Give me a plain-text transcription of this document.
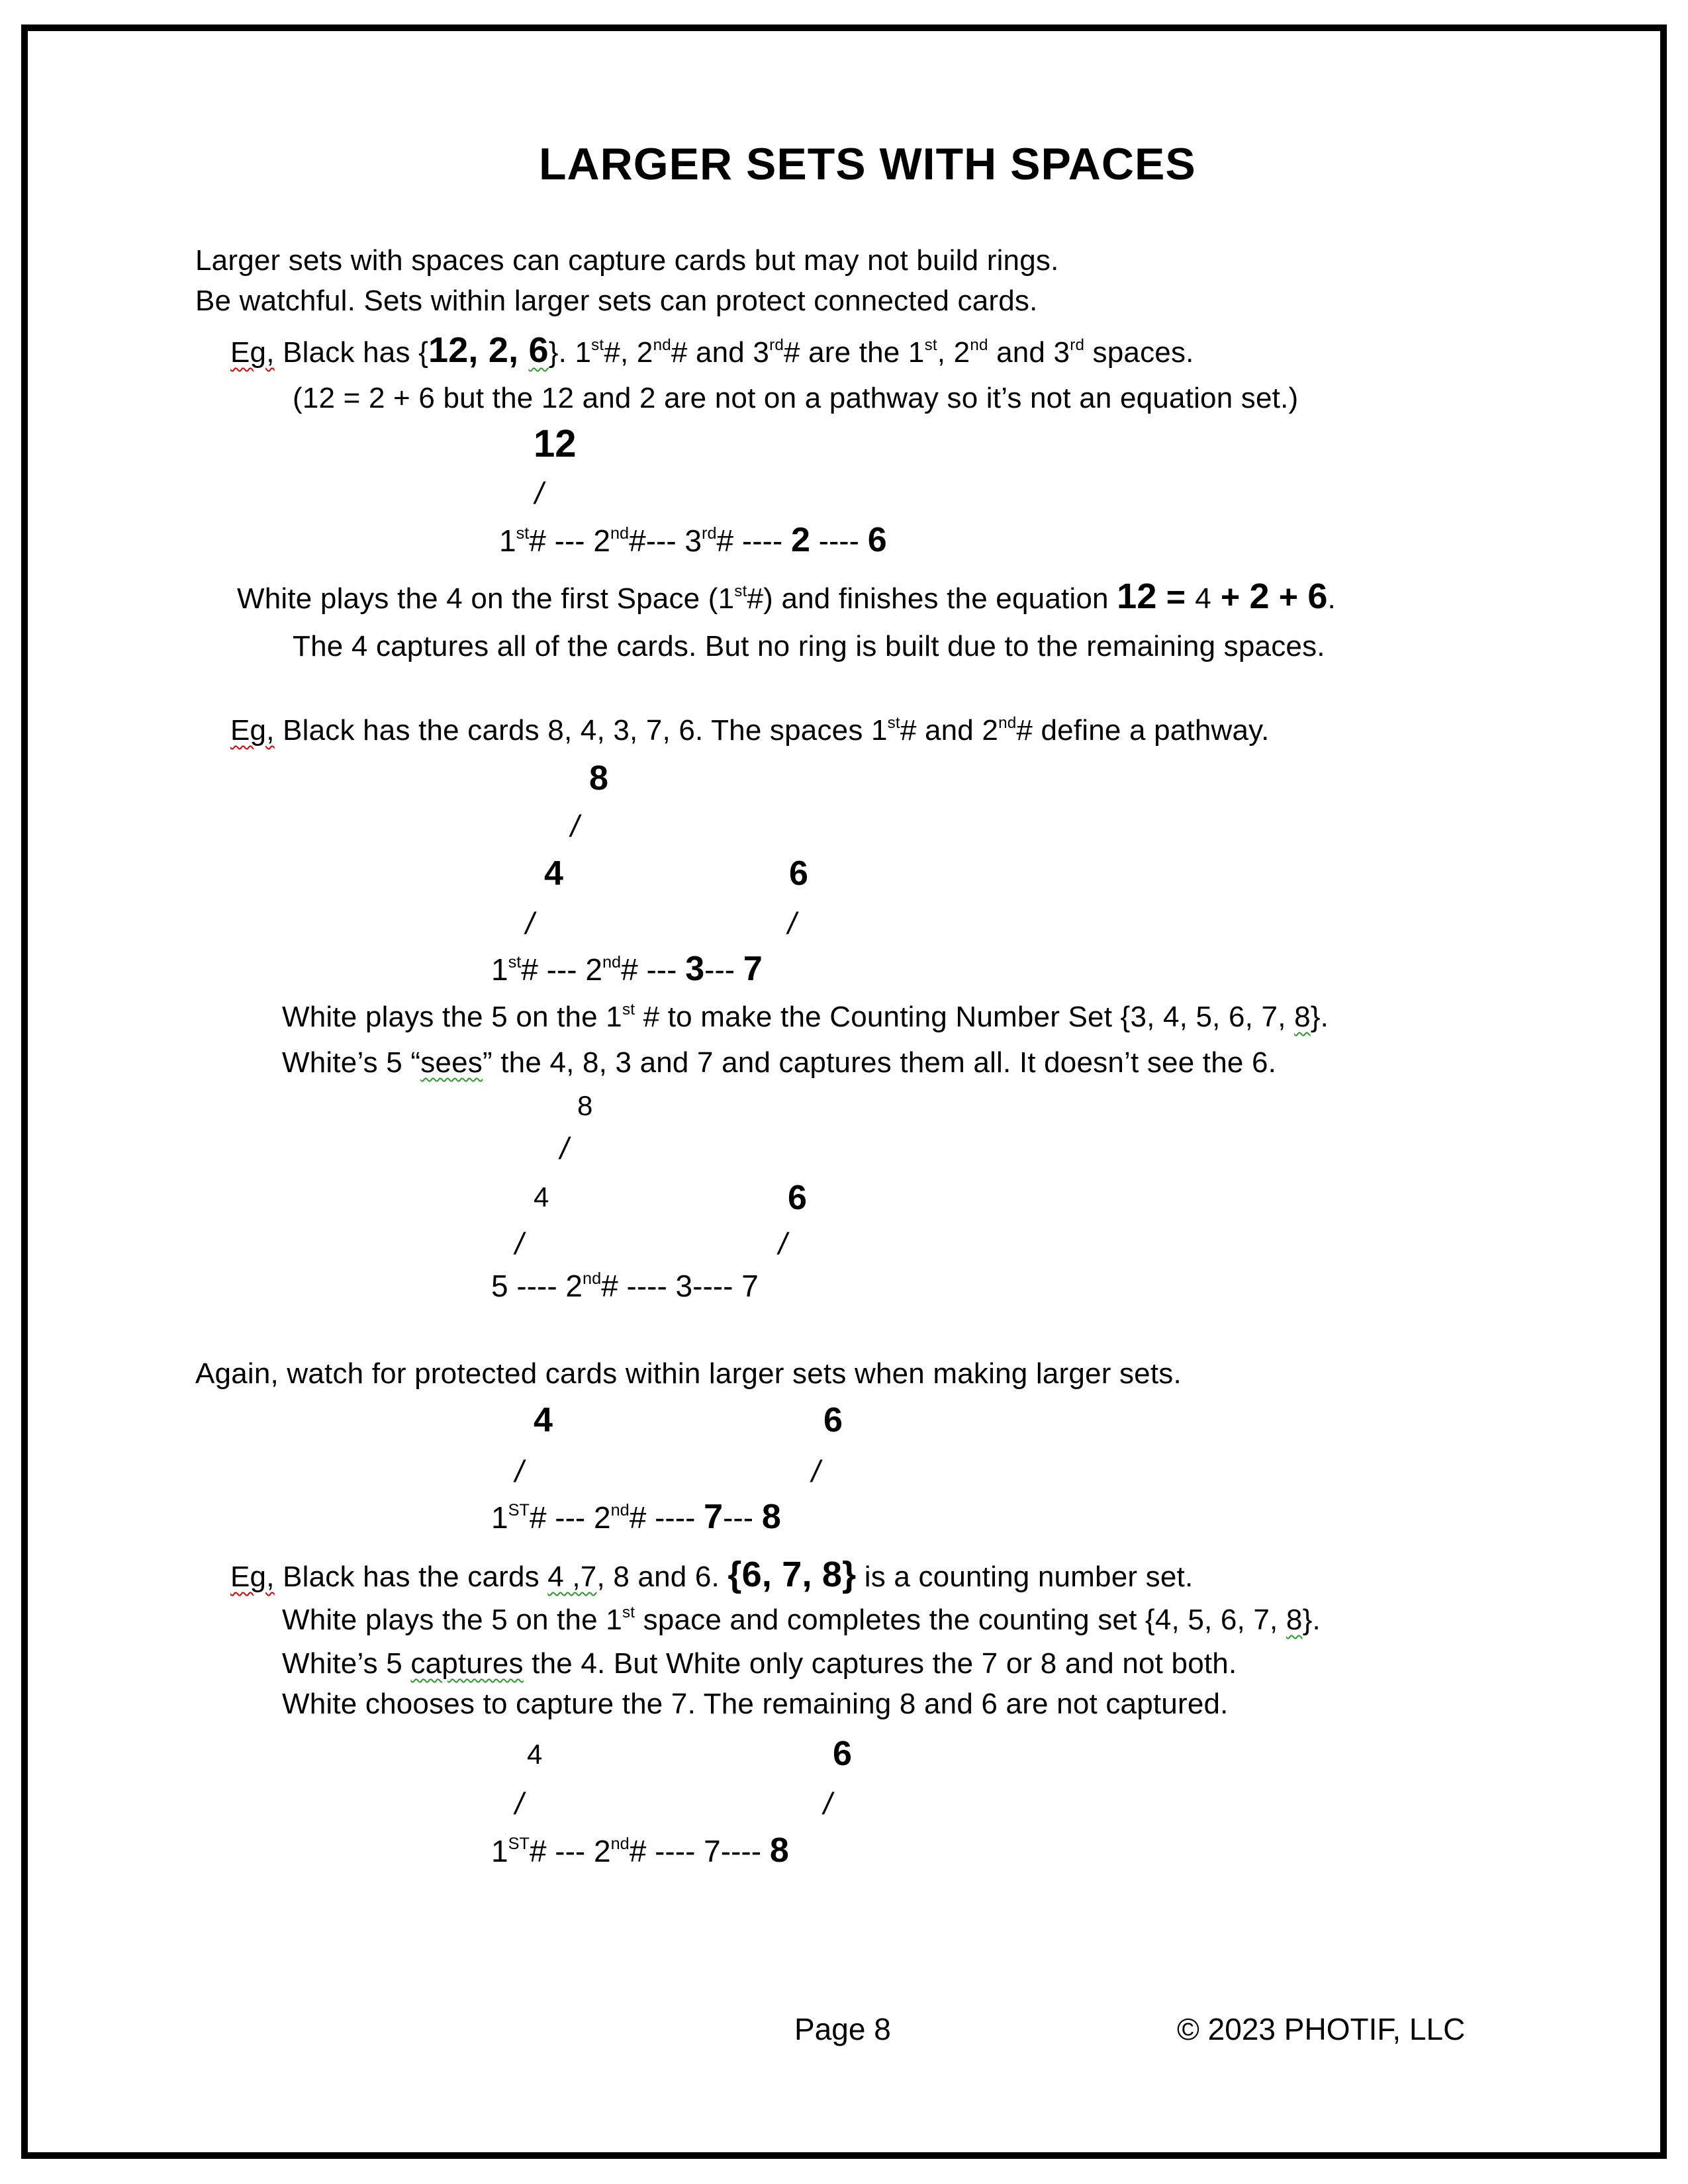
LARGER SETS WITH SPACES
Larger sets with spaces can capture cards but may not build rings.
Be watchful. Sets within larger sets can protect connected cards.
Eg, Black has {12, 2, 6}. 1st#, 2nd# and 3rd# are the 1st, 2nd and 3rd spaces.
(12 = 2 + 6 but the 12 and 2 are not on a pathway so it’s not an equation set.)
12
/
1st# --- 2nd#--- 3rd# ---- 2 ---- 6
White plays the 4 on the first Space (1st#) and finishes the equation 12 = 4 + 2 + 6.
The 4 captures all of the cards. But no ring is built due to the remaining spaces.
Eg, Black has the cards 8, 4, 3, 7, 6. The spaces 1st# and 2nd# define a pathway.
8
/
4	6
/	/
1st# --- 2nd# --- 3--- 7
White plays the 5 on the 1st # to make the Counting Number Set {3, 4, 5, 6, 7, 8}.
White’s 5 “sees” the 4, 8, 3 and 7 and captures them all. It doesn’t see the 6.
8
/
4	6
/	/
5 ---- 2nd# ---- 3---- 7
Again, watch for protected cards within larger sets when making larger sets.
4	6
/	/
1ST# --- 2nd# ---- 7--- 8
Eg, Black has the cards 4 ,7, 8 and 6. {6, 7, 8} is a counting number set.
White plays the 5 on the 1st space and completes the counting set {4, 5, 6, 7, 8}.
White’s 5 captures the 4. But White only captures the 7 or 8 and not both.
White chooses to capture the 7. The remaining 8 and 6 are not captured.
4	6
/	/
1ST# --- 2nd# ---- 7---- 8
Page 8	© 2023 PHOTIF, LLC
